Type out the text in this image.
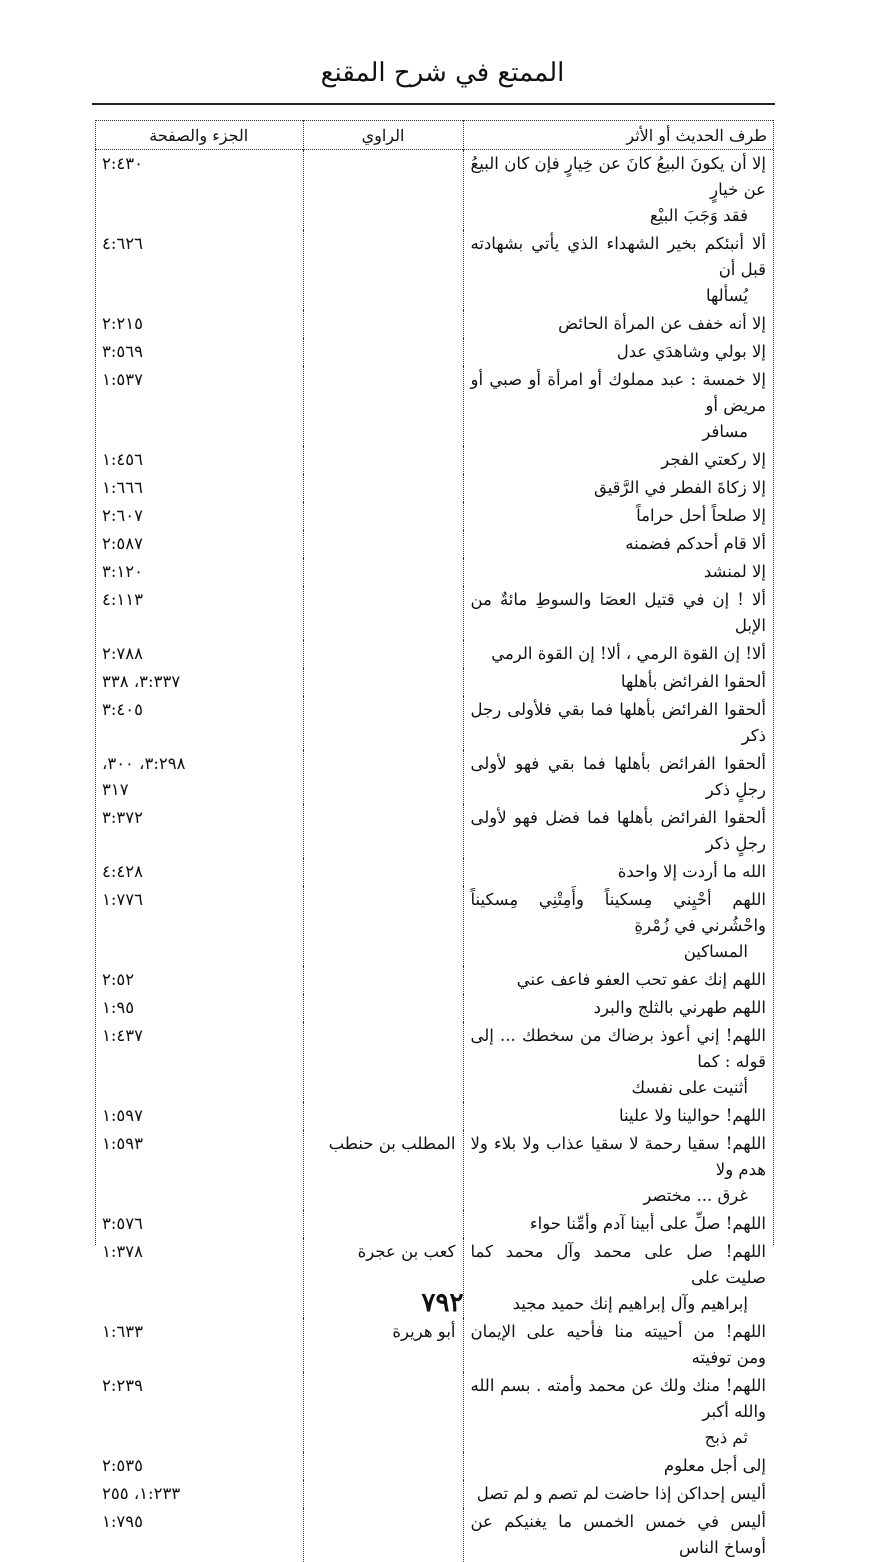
الممتع في شرح المقنع
طرف الحديث أو الأثر	الراوي	الجزء والصفحة
إلا أن يكونَ البيعُ كانَ عن خِيارٍ فإن كان البيعُ عن خيارٍ
فقد وَجَبَ البيْع		٢:٤٣٠
ألا أنبئكم بخير الشهداء الذي يأتي بشهادته قبل أن
يُسألها		٤:٦٢٦
إلا أنه خفف عن المرأة الحائض		٢:٢١٥
إلا بولي وشاهدَي عدل		٣:٥٦٩
إلا خمسة : عبد مملوك أو امرأة أو صبي أو مريض أو
مسافر		١:٥٣٧
إلا ركعتي الفجر		١:٤٥٦
إلا زكاةَ الفطر في الرَّقيق		١:٦٦٦
إلا صلحاً أحل حراماً		٢:٦٠٧
ألا قام أحدكم فضمنه		٢:٥٨٧
إلا لمنشد		٣:١٢٠
ألا ! إن في قتيل العصَا والسوطِ مائةٌ من الإبل		٤:١١٣
ألا! إن القوة الرمي ، ألا! إن القوة الرمي		٢:٧٨٨
ألحقوا الفرائض بأهلها		٣:٣٣٧، ٣٣٨
ألحقوا الفرائض بأهلها فما بقي فلأولى رجل ذكر		٣:٤٠٥
ألحقوا الفرائض بأهلها فما بقي فهو لأولى رجلٍ ذكر		٣:٢٩٨، ٣٠٠،
٣١٧
ألحقوا الفرائض بأهلها فما فضل فهو لأولى رجلٍ ذكر		٣:٣٧٢
الله ما أردت إلا واحدة		٤:٤٢٨
اللهم أحْيِني مِسكيناً وأَمِتْنِي مِسكيناً واحْشُرني في زُمْرةِ
المساكين		١:٧٧٦
اللهم إنك عفو تحب العفو فاعف عني		٢:٥٢
اللهم طهرني بالثلج والبرد		١:٩٥
اللهم! إني أعوذ برضاك من سخطك ... إلى قوله : كما
أثنيت على نفسك		١:٤٣٧
اللهم! حوالينا ولا علينا		١:٥٩٧
اللهم! سقيا رحمة لا سقيا عذاب ولا بلاء ولا هدم ولا
غرق ... مختصر	المطلب بن حنطب	١:٥٩٣
اللهم! صلِّ على أبينا آدم وأمِّنا حواء		٣:٥٧٦
اللهم! صل على محمد وآل محمد كما صليت على
إبراهيم وآل إبراهيم إنك حميد مجيد	كعب بن عجرة	١:٣٧٨
اللهم! من أحييته منا فأحيه على الإيمان ومن توفيته	أبو هريرة	١:٦٣٣
اللهم! منك ولك عن محمد وأمته . بسم الله والله أكبر
ثم ذبح		٢:٢٣٩
إلى أجل معلوم		٢:٥٣٥
أليس إحداكن إذا حاضت لم تصم و لم تصل		١:٢٣٣، ٢٥٥
أليس في خمس الخمس ما يغنيكم عن أوساخ الناس		١:٧٩٥
٧٩٢
